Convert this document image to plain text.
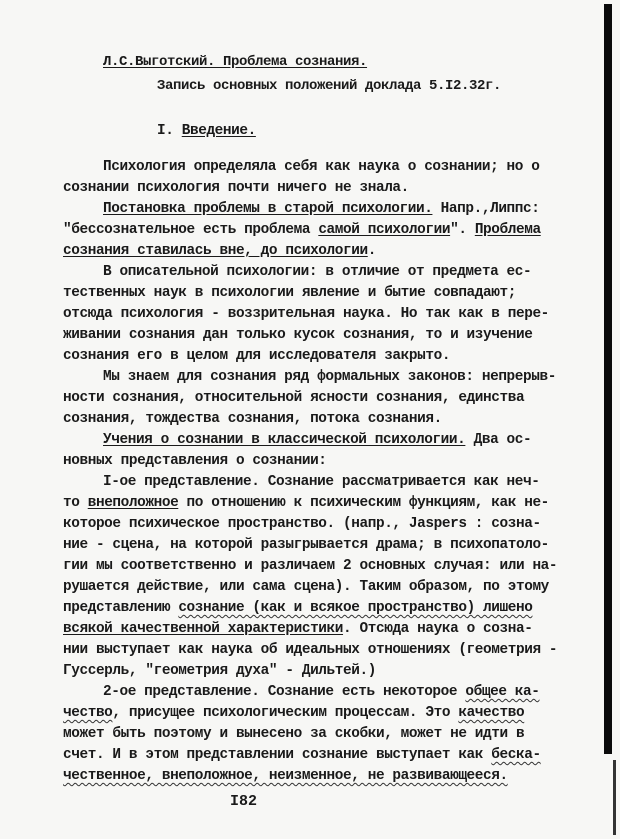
Л.С.Выготский. Проблема сознания.
Запись основных положений доклада 5.I2.32г.
I. Введение.
Психология определяла себя как наука о сознании; но о
сознании психология почти ничего не знала.
Постановка проблемы в старой психологии. Напр.,Липпс:
"бессознательное есть проблема самой психологии". Проблема
сознания ставилась вне, до психологии.
В описательной психологии: в отличие от предмета ес-
тественных наук в психологии явление и бытие совпадают;
отсюда психология - воззрительная наука. Но так как в пере-
живании сознания дан только кусок сознания, то и изучение
сознания его в целом для исследователя закрыто.
Мы знаем для сознания ряд формальных законов: непрерыв-
ности сознания, относительной ясности сознания, единства
сознания, тождества сознания, потока сознания.
Учения о сознании в классической психологии. Два ос-
новных представления о сознании:
I-ое представление. Сознание рассматривается как неч-
то внеположное по отношению к психическим функциям, как не-
которое психическое пространство. (напр., Jaspers : созна-
ние - сцена, на которой разыгрывается драма; в психопатоло-
гии мы соответственно и различаем 2 основных случая: или на-
рушается действие, или сама сцена). Таким образом, по этому
представлению сознание (как и всякое пространство) лишено
всякой качественной характеристики. Отсюда наука о созна-
нии выступает как наука об идеальных отношениях (геометрия -
Гуссерль, "геометрия духа" - Дильтей.)
2-ое представление. Сознание есть некоторое общее ка-
чество, присущее психологическим процессам. Это качество
может быть поэтому и вынесено за скобки, может не идти в
счет. И в этом представлении сознание выступает как беска-
чественное, внеположное, неизменное, не развивающееся.
I82
